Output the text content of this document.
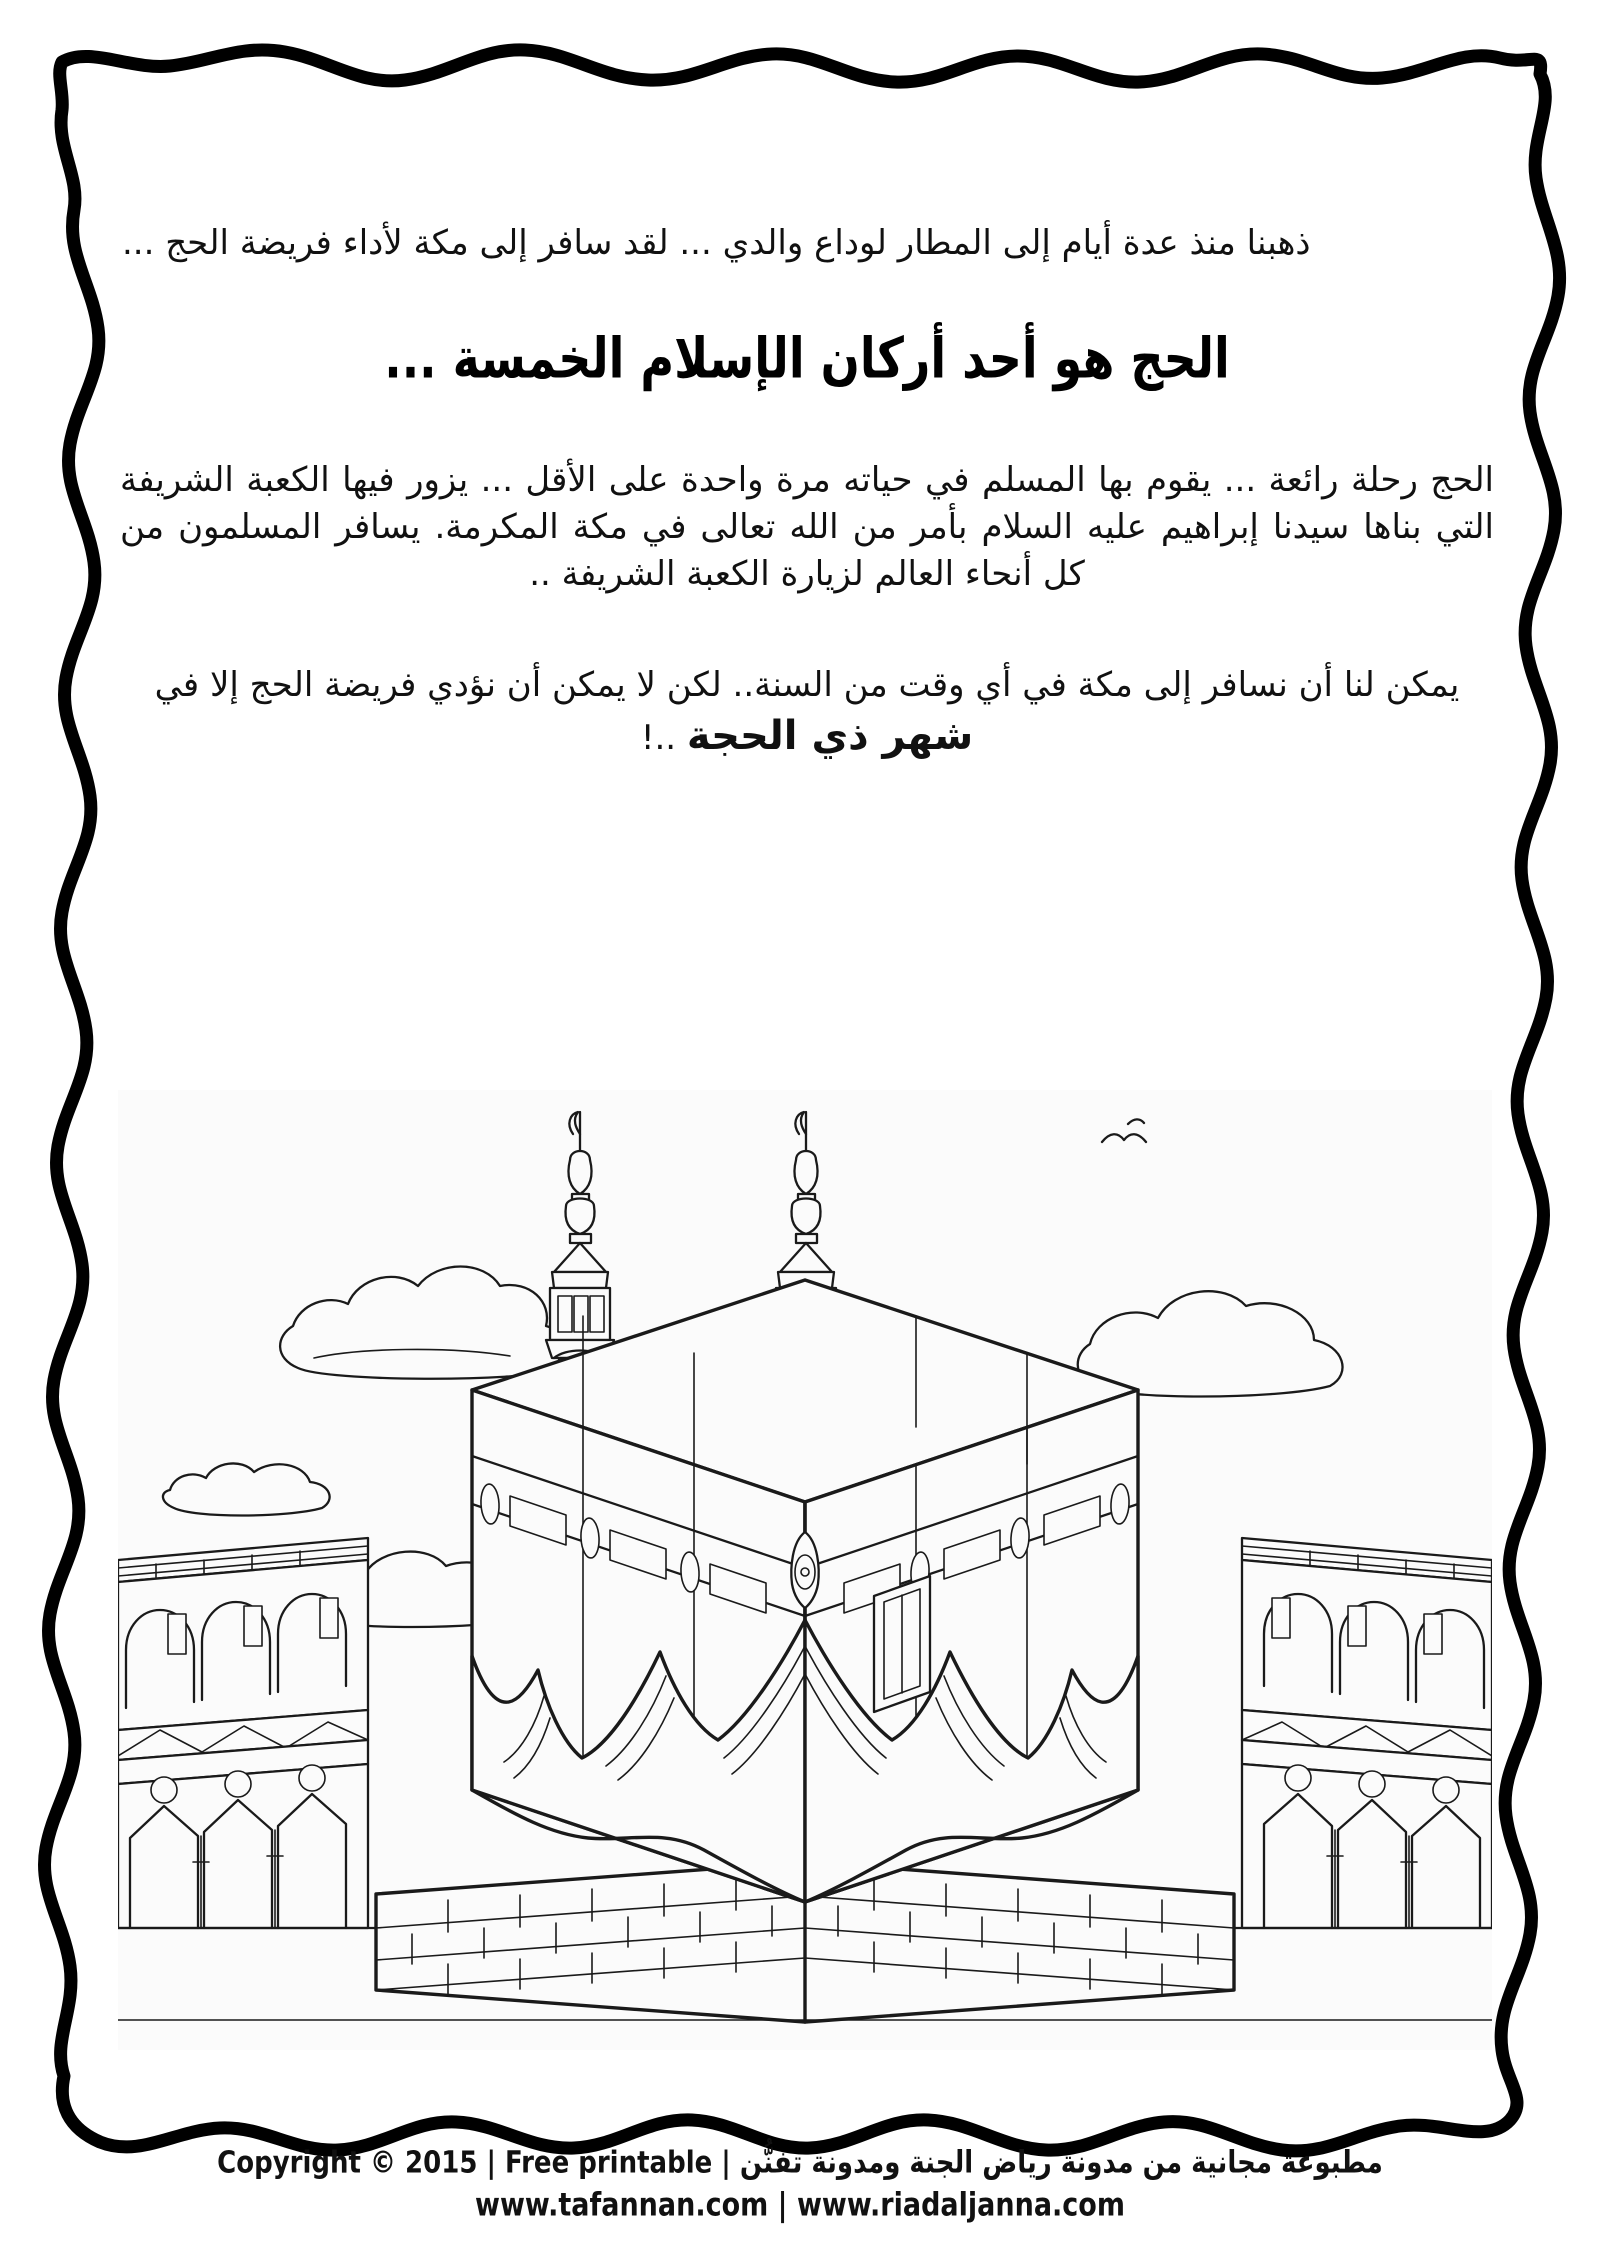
ذهبنا منذ عدة أيام إلى المطار لوداع والدي ... لقد سافر إلى مكة لأداء فريضة الحج ...

الحج هو أحد أركان الإسلام الخمسة ...

الحج رحلة رائعة ... يقوم بها المسلم في حياته مرة واحدة على الأقل ... يزور فيها الكعبة الشريفة التي بناها سيدنا إبراهيم عليه السلام بأمر من الله تعالى في مكة المكرمة. يسافر المسلمون من كل أنحاء العالم لزيارة الكعبة الشريفة ..

يمكن لنا أن نسافر إلى مكة في أي وقت من السنة.. لكن لا يمكن أن نؤدي فريضة الحج إلا في شهر ذي الحجة ..!

Copyright © 2015 | Free printable | مطبوعة مجانية من مدونة رياض الجنة ومدونة تفنُّن
www.tafannan.com | www.riadaljanna.com
